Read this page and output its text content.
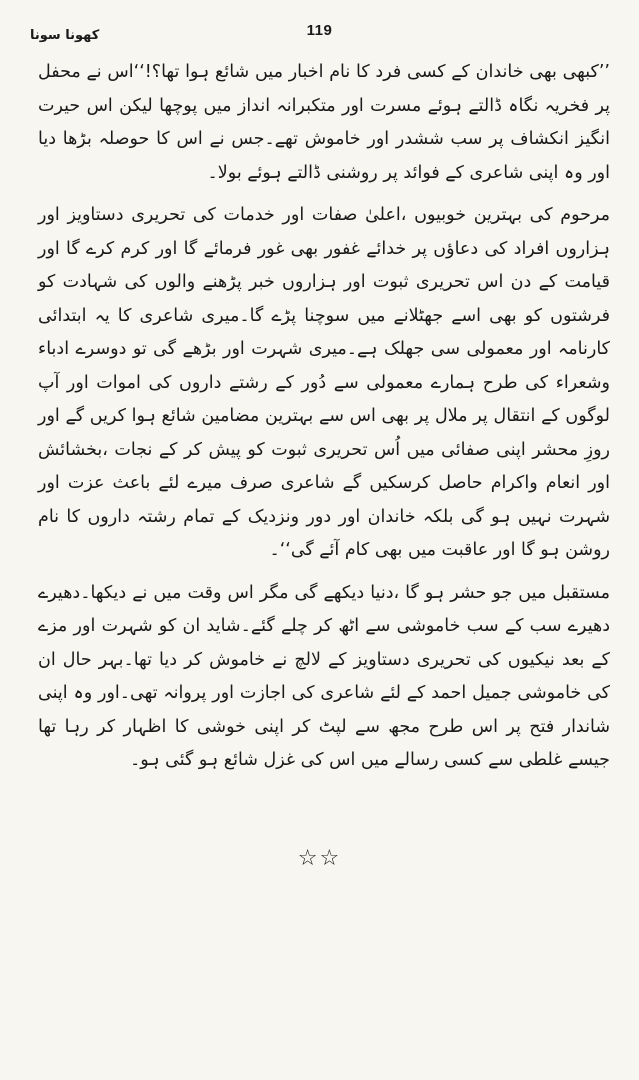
119
کھونا سونا

’’کبھی بھی خاندان کے کسی فرد کا نام اخبار میں شائع ہوا تھا؟!‘‘اس نے محفل پر فخریہ نگاہ ڈالتے ہوئے مسرت اور متکبرانہ انداز میں پوچھا لیکن اس حیرت انگیز انکشاف پر سب ششدر اور خاموش تھے۔جس نے اس کا حوصلہ بڑھا دیا اور وہ اپنی شاعری کے فوائد پر روشنی ڈالتے ہوئے بولا۔

مرحوم کی بہترین خوبیوں ،اعلیٰ صفات اور خدمات کی تحریری دستاویز اور ہزاروں افراد کی دعاؤں پر خدائے غفور بھی غور فرمائے گا اور کرم کرے گا اور قیامت کے دن اس تحریری ثبوت اور ہزاروں خبر پڑھنے والوں کی شہادت کو فرشتوں کو بھی اسے جھٹلانے میں سوچنا پڑے گا۔میری شاعری کا یہ ابتدائی کارنامہ اور معمولی سی جھلک ہے۔میری شہرت اور بڑھے گی تو دوسرے ادباء وشعراء کی طرح ہمارے معمولی سے دُور کے رشتے داروں کی اموات اور آپ لوگوں کے انتقال پر ملال پر بھی اس سے بہترین مضامین شائع ہوا کریں گے اور روزِ محشر اپنی صفائی میں اُس تحریری ثبوت کو پیش کر کے نجات ،بخشائش اور انعام واکرام حاصل کرسکیں گے شاعری صرف میرے لئے باعث عزت اور شہرت نہیں ہو گی بلکہ خاندان اور دور ونزدیک کے تمام رشتہ داروں کا نام روشن ہو گا اور عاقبت میں بھی کام آئے گی‘‘۔

مستقبل میں جو حشر ہو گا ،دنیا دیکھے گی مگر اس وقت میں نے دیکھا۔دھیرے دھیرے سب کے سب خاموشی سے اٹھ کر چلے گئے۔شاید ان کو شہرت اور مزے کے بعد نیکیوں کی تحریری دستاویز کے لالچ نے خاموش کر دیا تھا۔بہر حال ان کی خاموشی جمیل احمد کے لئے شاعری کی اجازت اور پروانہ تھی۔اور وہ اپنی شاندار فتح پر اس طرح مجھ سے لپٹ کر اپنی خوشی کا اظہار کر رہا تھا جیسے غلطی سے کسی رسالے میں اس کی غزل شائع ہو گئی ہو۔

☆☆
